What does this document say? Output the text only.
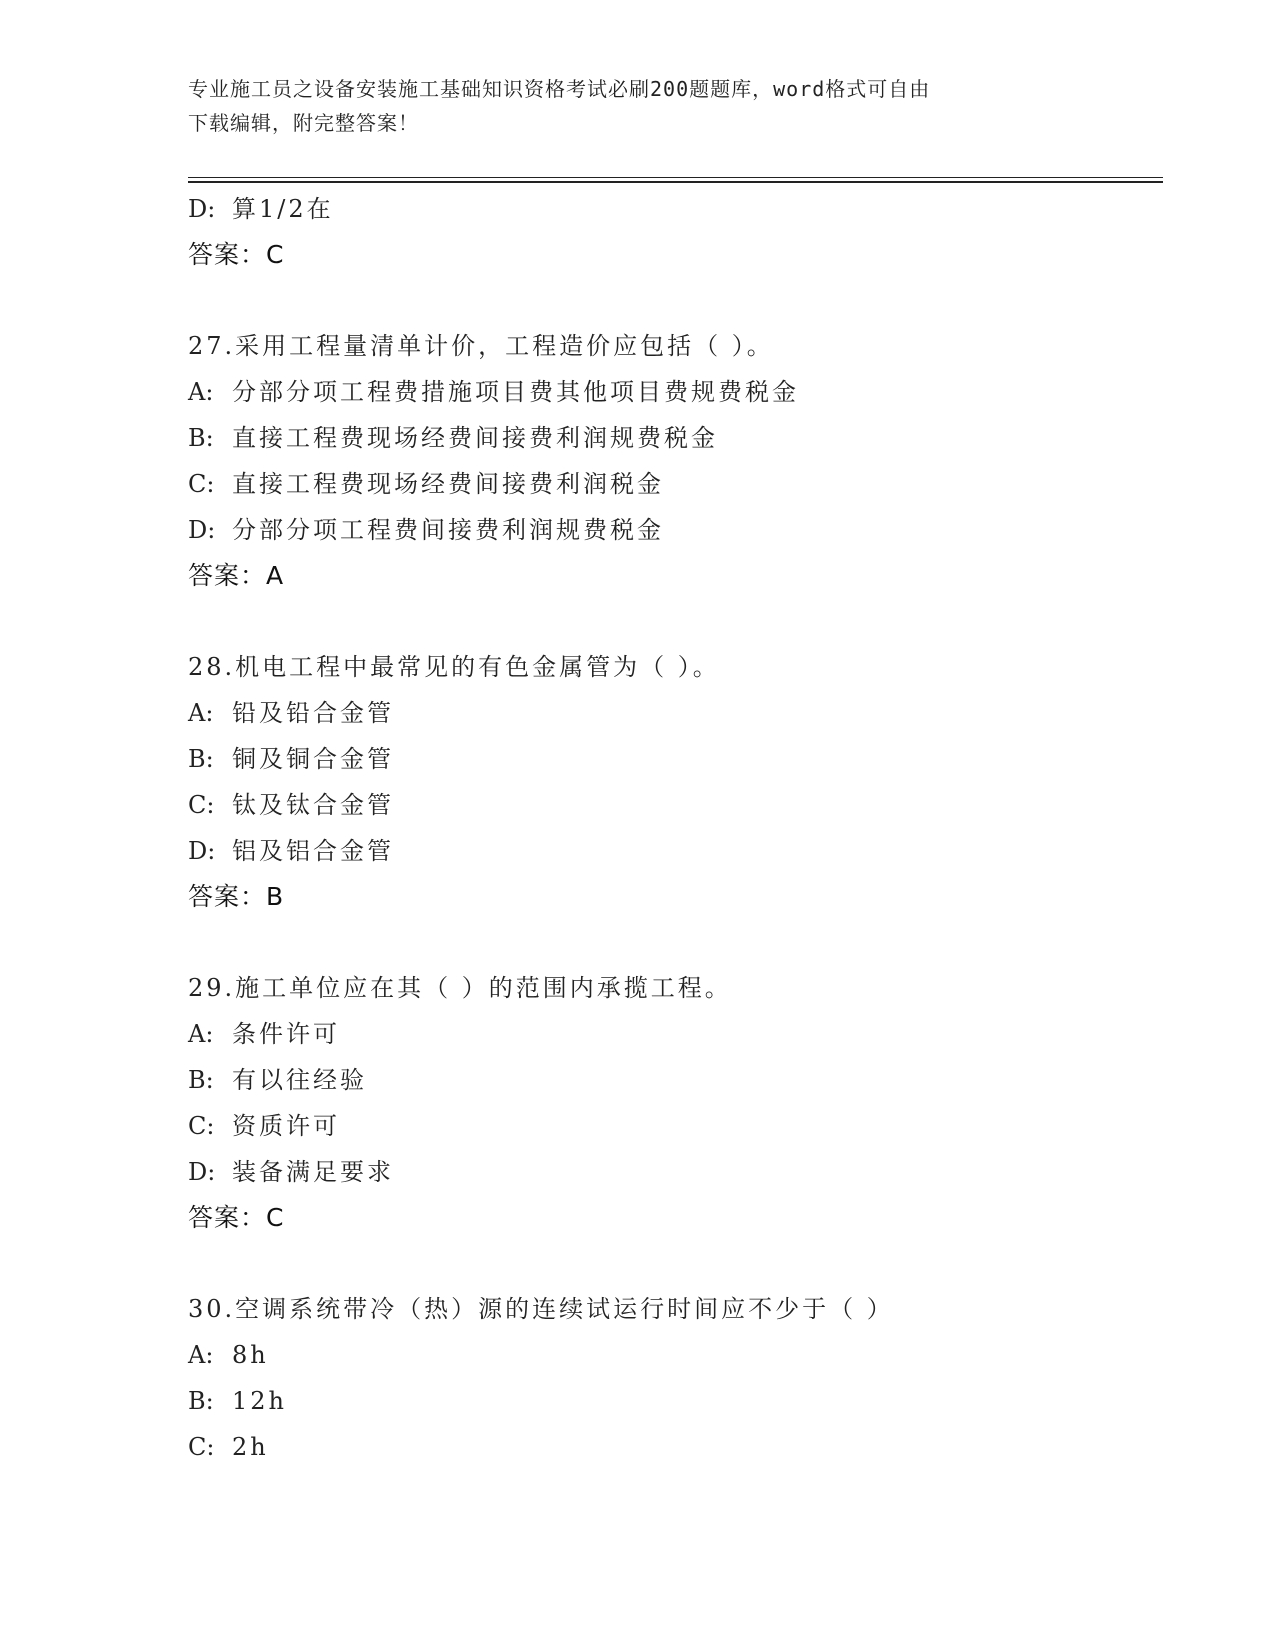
专业施工员之设备安装施工基础知识资格考试必刷200题题库，word格式可自由
下载编辑，附完整答案！
D: 算1/2在
答案：C
27.采用工程量清单计价，工程造价应包括（ ）。
A: 分部分项工程费措施项目费其他项目费规费税金
B: 直接工程费现场经费间接费利润规费税金
C: 直接工程费现场经费间接费利润税金
D: 分部分项工程费间接费利润规费税金
答案：A
28.机电工程中最常见的有色金属管为（ ）。
A: 铅及铅合金管
B: 铜及铜合金管
C: 钛及钛合金管
D: 铝及铝合金管
答案：B
29.施工单位应在其（ ）的范围内承揽工程。
A: 条件许可
B: 有以往经验
C: 资质许可
D: 装备满足要求
答案：C
30.空调系统带冷（热）源的连续试运行时间应不少于（ ）
A: 8h
B: 12h
C: 2h
